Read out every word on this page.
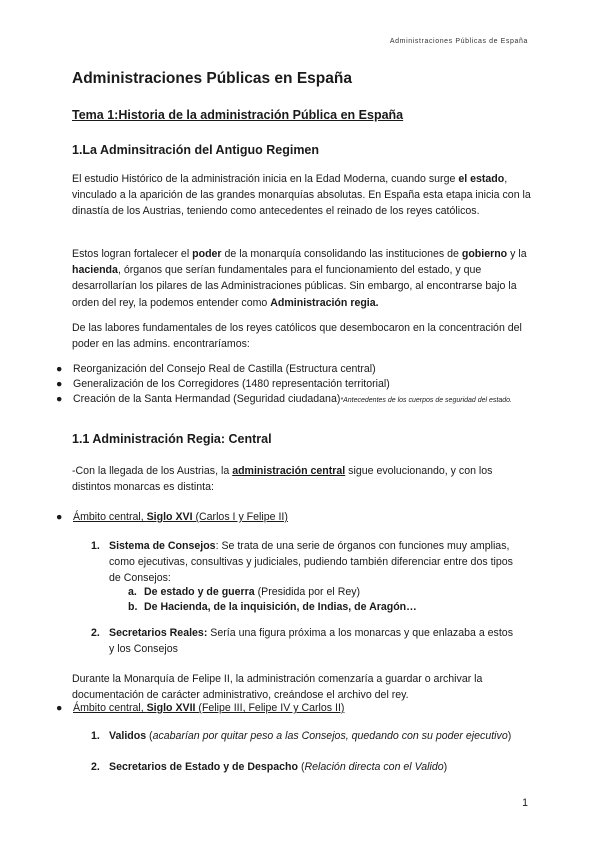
Administraciones Públicas de España
Administraciones Públicas en España
Tema 1:Historia de la administración Pública en España
1.La Adminsitración del Antiguo Regimen
El estudio Histórico de la administración inicia en la Edad Moderna, cuando surge el estado, vinculado a la aparición de las grandes monarquías absolutas. En España esta etapa inicia con la dinastía de los Austrias, teniendo como antecedentes el reinado de los reyes católicos.
Estos logran fortalecer el poder de la monarquía consolidando las instituciones de gobierno y la hacienda, órganos que serían fundamentales para el funcionamiento del estado, y que desarrollarían los pilares de las Administraciones públicas. Sin embargo, al encontrarse bajo la orden del rey, la podemos entender como Administración regia.
De las labores fundamentales de los reyes católicos que desembocaron en la concentración del poder en las admins. encontraríamos:
● Reorganización del Consejo Real de Castilla (Estructura central)
● Generalización de los Corregidores (1480 representación territorial)
● Creación de la Santa Hermandad (Seguridad ciudadana)*Antecedentes de los cuerpos de seguridad del estado.
1.1 Administración Regia: Central
-Con la llegada de los Austrias, la administración central sigue evolucionando, y con los distintos monarcas es distinta:
● Ámbito central, Siglo XVI (Carlos I y Felipe II)
1. Sistema de Consejos: Se trata de una serie de órganos con funciones muy amplias, como ejecutivas, consultivas y judiciales, pudiendo también diferenciar entre dos tipos de Consejos:
a. De estado y de guerra (Presidida por el Rey)
b. De Hacienda, de la inquisición, de Indias, de Aragón…
2. Secretarios Reales: Sería una figura próxima a los monarcas y que enlazaba a estos y los Consejos
Durante la Monarquía de Felipe II, la administración comenzaría a guardar o archivar la documentación de carácter administrativo, creándose el archivo del rey.
● Ámbito central, Siglo XVII (Felipe III, Felipe IV y Carlos II)
1. Validos (acabarían por quitar peso a las Consejos, quedando con su poder ejecutivo)
2. Secretarios de Estado y de Despacho (Relación directa con el Valido)
1
